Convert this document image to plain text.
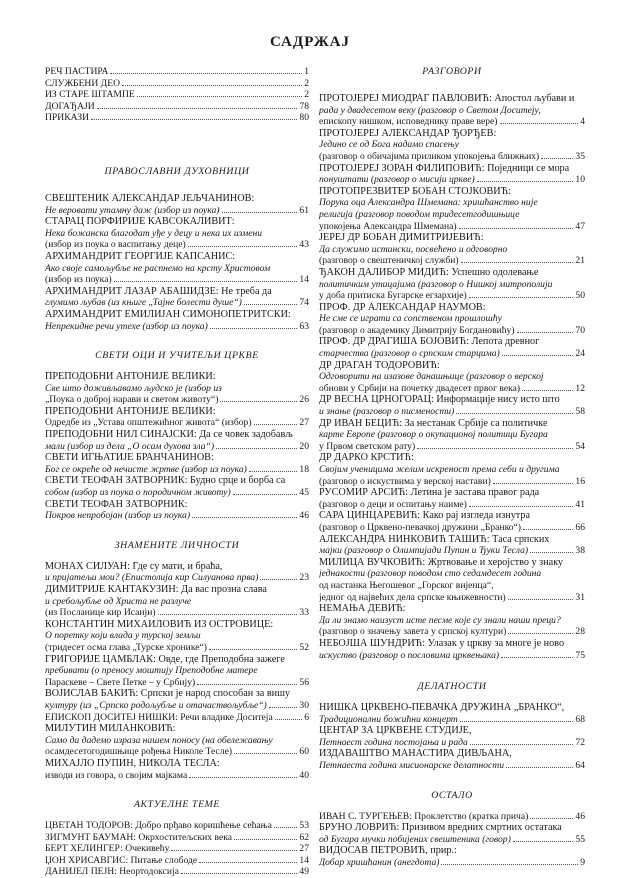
САДРЖАЈ
РЕЧ ПАСТИРА	1
СЛУЖБЕНИ ДЕО	2
ИЗ СТАРЕ ШТАМПЕ	2
ДОГАЂАЈИ	78
ПРИКАЗИ	80
ПРАВОСЛАВНИ ДУХОВНИЦИ
СВЕШТЕНИК АЛЕКСАНДАР ЈЕЉЧАНИНОВ:
Не веровати утамну даж (избор из поука)	61
СТАРАЦ ПОРФИРИЈЕ КАВСОКАЛИВИТ:
Нека божанска благодат уђе у децу и нека их измени
(избор из поука о васпитању деце)	43
АРХИМАНДРИТ ГЕОРГИЈЕ КАПСАНИС:
Ако своје самољубље не распнемо на крсту Христовом
(избор из поука)	14
АРХИМАНДРИТ ЛАЗАР АБАШИДЗЕ: Не треба да
глумимо љубав (из књиге „Тајне болести душе“)	74
АРХИМАНДРИТ ЕМИЛИЈАН СИМОНОПЕТРИТСКИ:
Непрекидне речи утехе (избор из поука)	63
СВЕТИ ОЦИ И УЧИТЕЉИ ЦРКВЕ
ПРЕПОДОБНИ АНТОНИЈЕ ВЕЛИКИ:
Све што доживљавамо људско је (избор из
„Поука о доброј нарави и светом животу“)	26
ПРЕПОДОБНИ АНТОНИЈЕ ВЕЛИКИ:
Одредбе из „Устава општежићног живота“ (избор)	27
ПРЕПОДОБНИ НИЛ СИНАЈСКИ: Да се човек задобављ
мали (избор из дела „О осам духова зла“)	20
СВЕТИ ИГЊАТИЈЕ БРАНЧАНИНОВ:
Бог се окреће од нечисте жртве (избор из поука)	18
СВЕТИ ТЕОФАН ЗАТВОРНИК: Будно срце и борба са
собом (избор из поука о породичном животу)	45
СВЕТИ ТЕОФАН ЗАТВОРНИК:
Покров непробојан (избор из поука)	46
ЗНАМЕНИТЕ ЛИЧНОСТИ
МОНАХ СИЛУАН: Где су мати, и браћа,
и пријатељи мои? (Епистолија кир Силуанова прва)	23
ДИМИТРИЈЕ КАНТАКУЗИН: Да вас прозна слава
и сребољубље од Христа не разлуче
(из Посланице кир Исаији)	33
КОНСТАНТИН МИХАИЛОВИЋ ИЗ ОСТРОВИЦЕ:
О поретку који влада у турској земљи
(тридесет осма глава „Турске хронике“)	52
ГРИГОРИЈЕ ЦАМБЛАК: Овде, где Преподобна зажеге
пребивати (о преносу моштију Преподобне матере
Параскеве – Свете Петке – у Србију)	56
ВОЈИСЛАВ БАКИЋ: Српски је народ способан за вишу
културу (из „Српско родољубље и отачаствољубље“)	30
ЕПИСКОП ДОСИТЕЈ НИШКИ: Речи владике Доситеја	6
МИЛУТИН МИЛАНКОВИЋ:
Само да дадемо израза нашем поносу (на обележавању
осамдесетогодишњице рођења Николе Тесле)	60
МИХАЈЛО ПУПИН, НИКОЛА ТЕСЛА:
изводи из говора, о својим мајкама	40
АКТУЕЛНЕ ТЕМЕ
ЦВЕТАН ТОДОРОВ: Добро прђаво коришћење сећања	53
ЗИГМУНТ БАУМАН: Окрхоститељских века	62
БЕРТ ХЕЛИНГЕР: Очекивећу	27
ЏОН ХРИСАВГИС: Питање слободе	14
ДАНИЈЕЛ ПЕЈН: Неортодоксија	49
РАЗГОВОРИ
ПРОТОЈЕРЕЈ МИОДРАГ ПАВЛОВИЋ: Апостол љубави и
рада у двадесетом веку (разговор о Светом Доситеју,
епископу нишком, исповеднику праве вере)	4
ПРОТОЈЕРЕЈ АЛЕКСАНДАР ЂОРЂЕВ:
Једино се од Бога надамо спасењу
(разговор о обичајима приликом упокојења ближњих)	35
ПРОТОЈЕРЕЈ ЗОРАН ФИЛИПОВИЋ: Поједници се мора
понуштати (разговор о мисији цркве)	10
ПРОТОПРЕЗВИТЕР БОБАН СТОЈКОВИЋ:
Порука оца Александра Шмемана: хришћанство није
религија (разговор поводом тридесетгодишњице
упокојења Александра Шмемана)	47
ЈЕРЕЈ ДР БОБАН ДИМИТРИЈЕВИЋ:
Да служимо истински, посвећено и одговорно
(разговор о свештеничкој служби)	21
ЂАКОН ДАЛИБОР МИДИЋ: Успешно одолевање
политичким утицајима (разговор о Нишкој митрополији
у доба притиска Бугарске егзархије)	50
ПРОФ. ДР АЛЕКСАНДАР НАУМОВ:
Не сме се играти са сопственом прошлошћу
(разговор о академику Димитрију Богдановићу)	70
ПРОФ. ДР ДРАГИША БОЈОВИЋ: Лепота древног
старчества (разговор о српским старцима)	24
ДР ДРАГАН ТОДОРОВИЋ:
Одговорити на изазове данашњице (разговор о верској
обнови у Србији на почетку двадесет првог века)	12
ДР ВЕСНА ЦРНОГОРАЦ: Информације нису исто што
и знање (разговор о писмености)	58
ДР ИВАН БЕЦИЋ: За нестанак Србије са политичке
карте Европе (разговор о окупационој политици Бугара
у Првом светском рату)	54
ДР ДАРКО КРСТИЋ:
Својим ученицима желим искреност према себи и другима
(разговор о искуствима у верској настави)	16
РУСОМИР АРСИЋ: Летина је застава правог рада
(разговор о деци и оспитању наиме)	41
САРА ЦИНЦАРЕВИЋ: Како рај изгледа изнутра
(разговор о Црквено-певачкој дружини „Бранко“)	66
АЛЕКСАНДРА НИНКОВИЋ ТАШИЋ: Таса српских
мајки (разговор о Олимпијади Пупин и Ђуки Тесла)	38
МИЛИЦА ВУЧКОВИЋ: Жртвовање и херојство у знаку
једнакости (разговор поводом сто седамдесет година
од настанка Његошевог „Горског вијенца“,
једног од највећих дела српске књижевности)	31
НЕМАЊА ДЕВИЋ:
Да ли знамо наизуст исте песме које су знали наши преци?
(разговор о значењу завета у српској култури)	28
НЕБОЈША ШУНДРИЋ: Улазак у цркву за многе је ново
искуство (разговор о пословима црквењака)	75
ДЕЛАТНОСТИ
НИШКА ЦРКВЕНО-ПЕВАЧКА ДРУЖИНА „БРАНКО“,
Традиционални божићни концерт	68
ЦЕНТАР ЗА ЦРКВЕНЕ СТУДИЈЕ,
Петнаест година постојања и рада	72
ИЗДАВАШТВО МАНАСТИРА ДИВЉАНА,
Петнаеста година мисионарске делатности	64
ОСТАЛО
ИВАН С. ТУРГЕЊЕВ: Проклетство (кратка прича)	46
БРУНО ЛОВРИЋ: Призивом вредних смртних остатака
од Бугара мучки побијених свештеника (говор)	55
ВИДОСАВ ПЕТРОВИЋ, прир.:
Добар хришћанин (анегдота)	9
